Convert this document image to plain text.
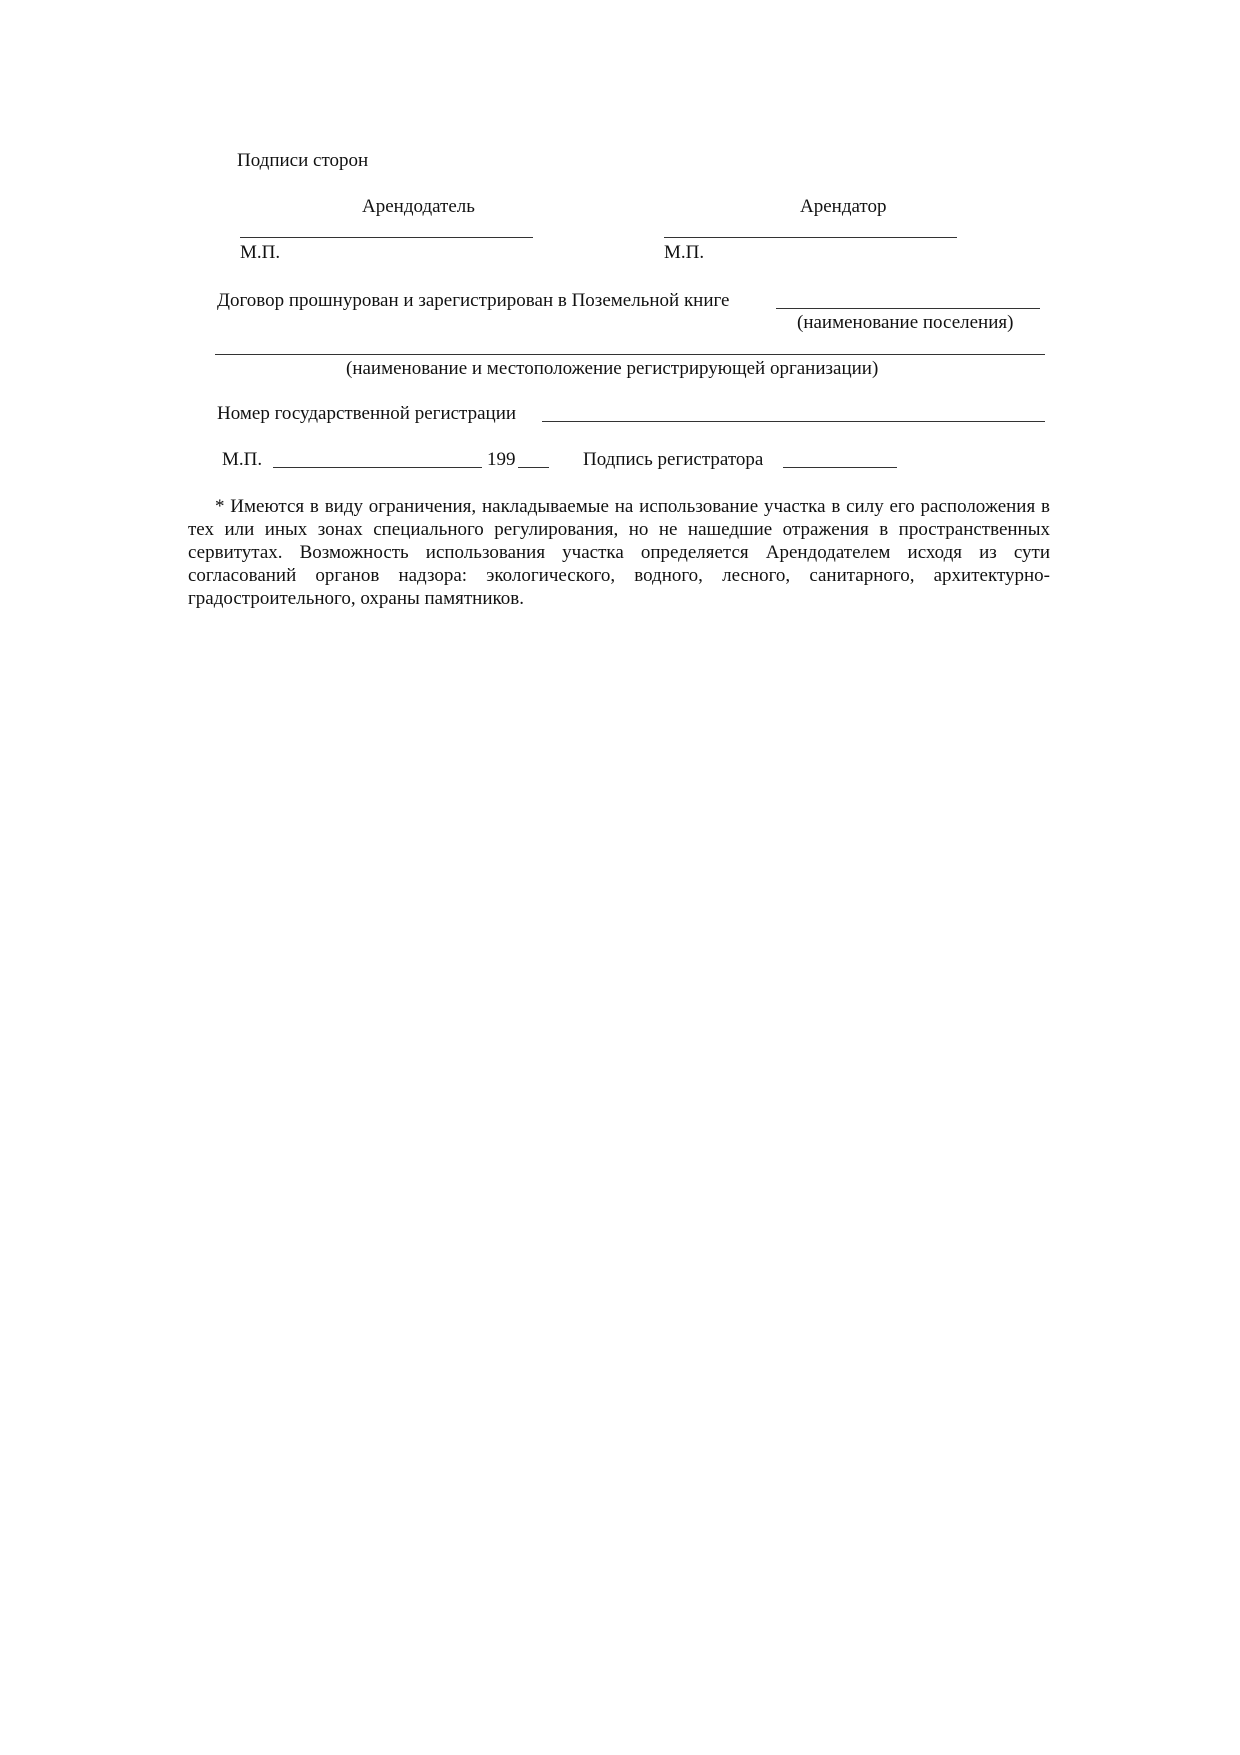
Подписи сторон
Арендодатель
М.П.
Арендатор
М.П.
Договор прошнурован и зарегистрирован в Поземельной книге
(наименование поселения)
(наименование и местоположение регистрирующей организации)
Номер государственной регистрации
М.П.	199	Подпись регистратора
* Имеются в виду ограничения, накладываемые на использование участка в силу его расположения в тех или иных зонах специального регулирования, но не нашедшие отражения в пространственных сервитутах. Возможность использования участка определяется Арендодателем исходя из сути согласований органов надзора: экологического, водного, лесного, санитарного, архитектурно-градостроительного, охраны памятников.
